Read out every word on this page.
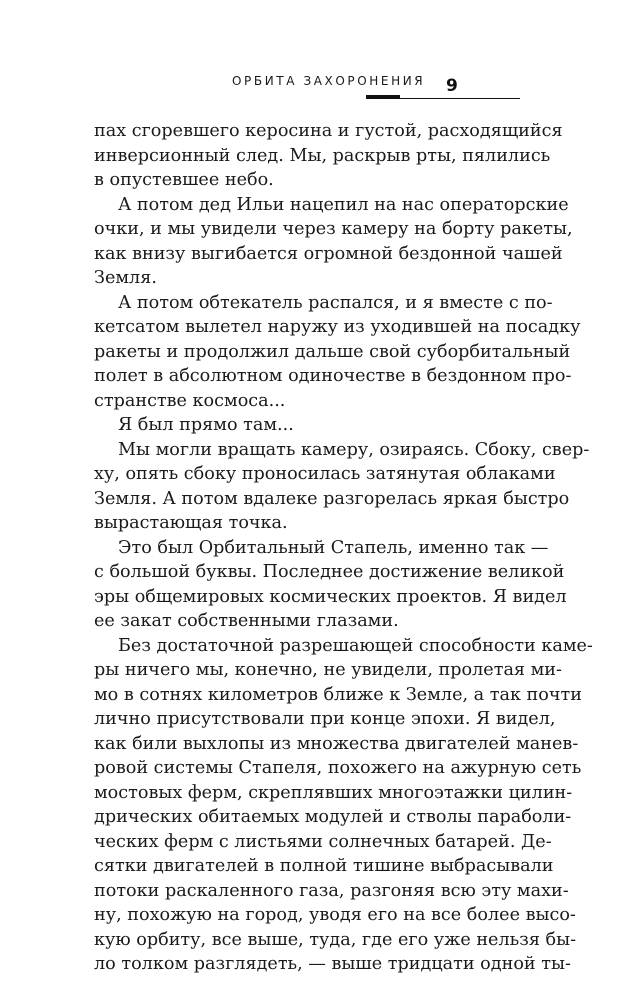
ОРБИТА ЗАХОРОНЕНИЯ 9
пах сгоревшего керосина и густой, расходящийся
инверсионный след. Мы, раскрыв рты, пялились
в опустевшее небо.
А потом дед Ильи нацепил на нас операторские
очки, и мы увидели через камеру на борту ракеты,
как внизу выгибается огромной бездонной чашей
Земля.
А потом обтекатель распался, и я вместе с по-
кетсатом вылетел наружу из уходившей на посадку
ракеты и продолжил дальше свой суборбитальный
полет в абсолютном одиночестве в бездонном про-
странстве космоса...
Я был прямо там...
Мы могли вращать камеру, озираясь. Сбоку, свер-
ху, опять сбоку проносилась затянутая облаками
Земля. А потом вдалеке разгорелась яркая быстро
вырастающая точка.
Это был Орбитальный Стапель, именно так —
с большой буквы. Последнее достижение великой
эры общемировых космических проектов. Я видел
ее закат собственными глазами.
Без достаточной разрешающей способности каме-
ры ничего мы, конечно, не увидели, пролетая ми-
мо в сотнях километров ближе к Земле, а так почти
лично присутствовали при конце эпохи. Я видел,
как били выхлопы из множества двигателей манев-
ровой системы Стапеля, похожего на ажурную сеть
мостовых ферм, скреплявших многоэтажки цилин-
дрических обитаемых модулей и стволы парабoли-
ческих ферм с листьями солнечных батарей. Де-
сятки двигателей в полной тишине выбрасывали
потоки раскаленного газа, разгоняя всю эту махи-
ну, похожую на город, уводя его на все более высо-
кую орбиту, все выше, туда, где его уже нельзя бы-
ло толком разглядеть, — выше тридцати одной ты-
